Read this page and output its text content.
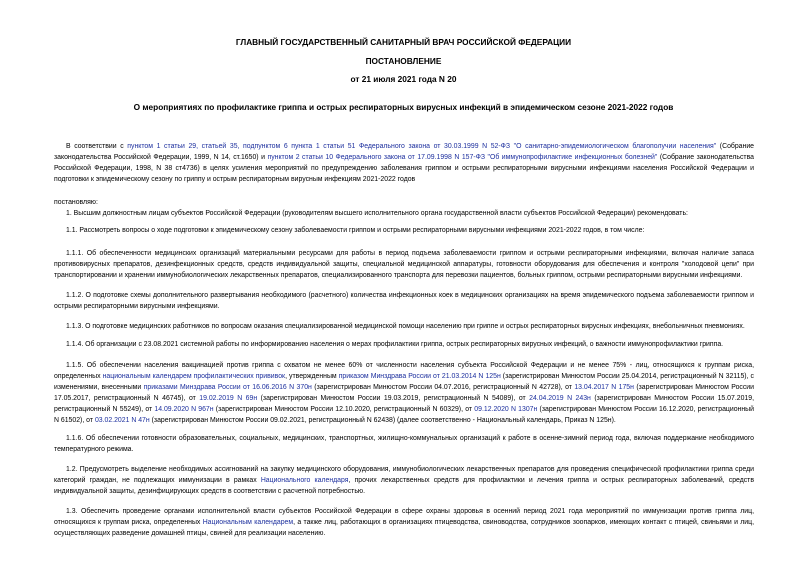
ГЛАВНЫЙ ГОСУДАРСТВЕННЫЙ САНИТАРНЫЙ ВРАЧ РОССИЙСКОЙ ФЕДЕРАЦИИ
ПОСТАНОВЛЕНИЕ
от 21 июля 2021 года N 20
О мероприятиях по профилактике гриппа и острых респираторных вирусных инфекций в эпидемическом сезоне 2021-2022 годов
В соответствии с пунктом 1 статьи 29, статьей 35, подпунктом 6 пункта 1 статьи 51 Федерального закона от 30.03.1999 N 52-ФЗ "О санитарно-эпидемиологическом благополучии населения" (Собрание законодательства Российской Федерации, 1999, N 14, ст.1650) и пунктом 2 статьи 10 Федерального закона от 17.09.1998 N 157-ФЗ "Об иммунопрофилактике инфекционных болезней" (Собрание законодательства Российской Федерации, 1998, N 38 ст4736) в целях усиления мероприятий по предупреждению заболевания гриппом и острыми респираторными вирусными инфекциями населения Российской Федерации и подготовки к эпидемическому сезону по гриппу и острым респираторным вирусным инфекциям 2021-2022 годов
постановляю:
1. Высшим должностным лицам субъектов Российской Федерации (руководителям высшего исполнительного органа государственной власти субъектов Российской Федерации) рекомендовать:
1.1. Рассмотреть вопросы о ходе подготовки к эпидемическому сезону заболеваемости гриппом и острыми респираторными вирусными инфекциями 2021-2022 годов, в том числе:
1.1.1. Об обеспеченности медицинских организаций материальными ресурсами для работы в период подъема заболеваемости гриппом и острыми респираторными инфекциями, включая наличие запаса противовирусных препаратов, дезинфекционных средств, средств индивидуальной защиты, специальной медицинской аппаратуры, готовности оборудования для обеспечения и контроля "холодовой цепи" при транспортировании и хранении иммунобиологических лекарственных препаратов, специализированного транспорта для перевозки пациентов, больных гриппом, острыми респираторными вирусными инфекциями.
1.1.2. О подготовке схемы дополнительного развертывания необходимого (расчетного) количества инфекционных коек в медицинских организациях на время эпидемического подъема заболеваемости гриппом и острыми респираторными вирусными инфекциями.
1.1.3. О подготовке медицинских работников по вопросам оказания специализированной медицинской помощи населению при гриппе и острых респираторных вирусных инфекциях, внебольничных пневмониях.
1.1.4. Об организации с 23.08.2021 системной работы по информированию населения о мерах профилактики гриппа, острых респираторных вирусных инфекций, о важности иммунопрофилактики гриппа.
1.1.5. Об обеспечении населения вакцинацией против гриппа с охватом не менее 60% от численности населения субъекта Российской Федерации и не менее 75% - лиц, относящихся к группам риска, определенных национальным календарем профилактических прививок, утвержденным приказом Минздрава России от 21.03.2014 N 125н (зарегистрирован Минюстом России 25.04.2014, регистрационный N 32115), с изменениями, внесенными приказами Минздрава России от 16.06.2016 N 370н (зарегистрирован Минюстом России 04.07.2016, регистрационный N 42728), от 13.04.2017 N 175н (зарегистрирован Минюстом России 17.05.2017, регистрационный N 46745), от 19.02.2019 N 69н (зарегистрирован Минюстом России 19.03.2019, регистрационный N 54089), от 24.04.2019 N 243н (зарегистрирован Минюстом России 15.07.2019, регистрационный N 55249), от 14.09.2020 N 967н (зарегистрирован Минюстом России 12.10.2020, регистрационный N 60329), от 09.12.2020 N 1307н (зарегистрирован Минюстом России 16.12.2020, регистрационный N 61502), от 03.02.2021 N 47н (зарегистрирован Минюстом России 09.02.2021, регистрационный N 62438) (далее соответственно - Национальный календарь, Приказ N 125н).
1.1.6. Об обеспечении готовности образовательных, социальных, медицинских, транспортных, жилищно-коммунальных организаций к работе в осенне-зимний период года, включая поддержание необходимого температурного режима.
1.2. Предусмотреть выделение необходимых ассигнований на закупку медицинского оборудования, иммунобиологических лекарственных препаратов для проведения специфической профилактики гриппа среди категорий граждан, не подлежащих иммунизации в рамках Национального календаря, прочих лекарственных средств для профилактики и лечения гриппа и острых респираторных заболеваний, средств индивидуальной защиты, дезинфицирующих средств в соответствии с расчетной потребностью.
1.3. Обеспечить проведение органами исполнительной власти субъектов Российской Федерации в сфере охраны здоровья в осенний период 2021 года мероприятий по иммунизации против гриппа лиц, относящихся к группам риска, определенных Национальным календарем, а также лиц, работающих в организациях птицеводства, свиноводства, сотрудников зоопарков, имеющих контакт с птицей, свиньями и лиц, осуществляющих разведение домашней птицы, свиней для реализации населению.
